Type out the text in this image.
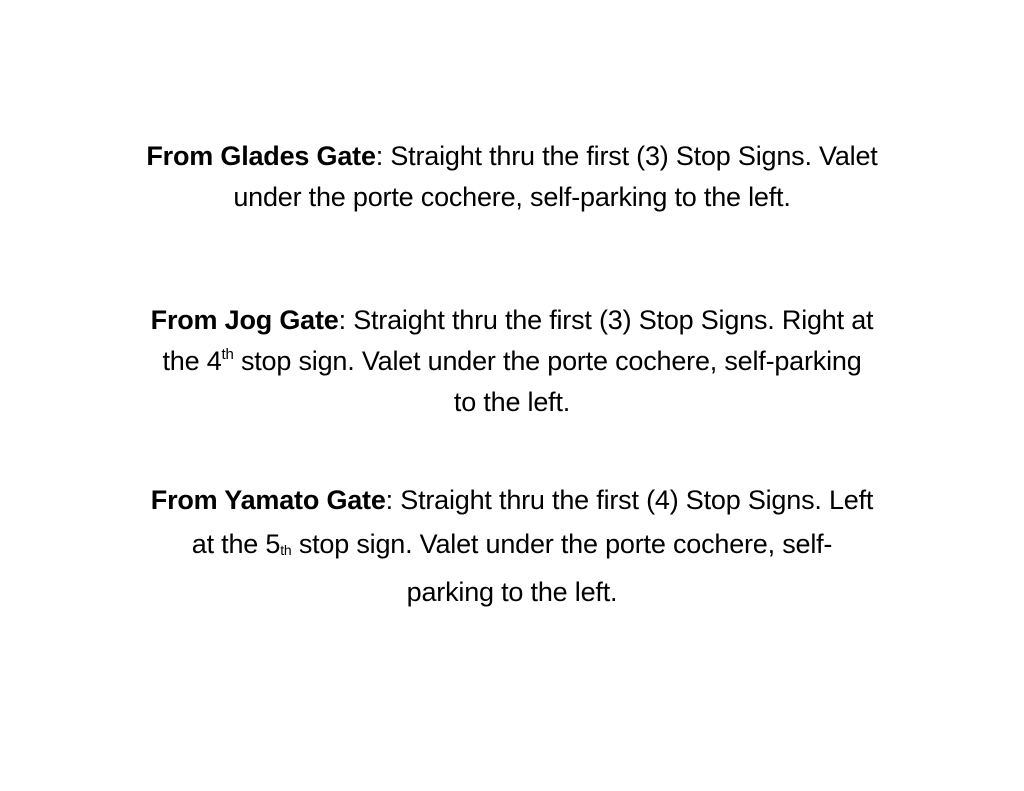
From Glades Gate: Straight thru the first (3) Stop Signs. Valet
under the porte cochere, self-parking to the left.

From Jog Gate: Straight thru the first (3) Stop Signs. Right at
the 4th stop sign. Valet under the porte cochere, self-parking
to the left.

From Yamato Gate: Straight thru the first (4) Stop Signs. Left
at the 5th stop sign. Valet under the porte cochere, self-
parking to the left.
